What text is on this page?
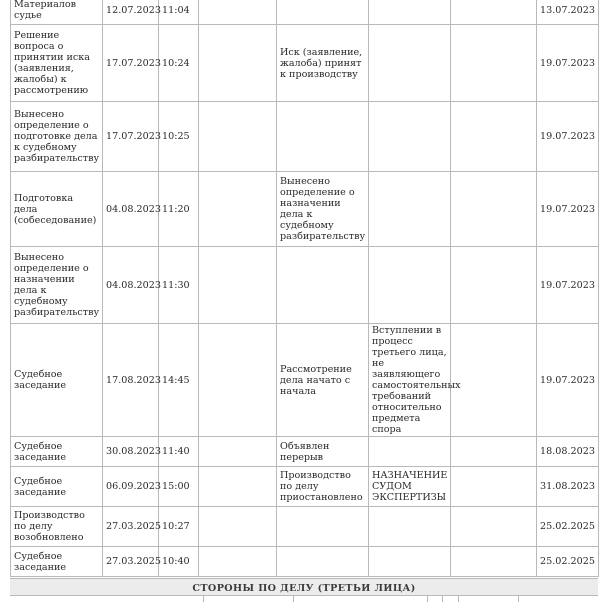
Материалов судье	12.07.2023	11:04					13.07.2023
Решение вопроса о принятии иска (заявления, жалобы) к рассмотрению	17.07.2023	10:24		Иск (заявление, жалоба) принят к производству			19.07.2023
Вынесено определение о подготовке дела к судебному разбирательству	17.07.2023	10:25					19.07.2023
Подготовка дела (собеседование)	04.08.2023	11:20		Вынесено определение о назначении дела к судебному разбирательству			19.07.2023
Вынесено определение о назначении дела к судебному разбирательству	04.08.2023	11:30					19.07.2023
Судебное заседание	17.08.2023	14:45		Рассмотрение дела начато с начала	Вступлении в процесс третьего лица, не заявляющего самостоятельных требований относительно предмета спора		19.07.2023
Судебное заседание	30.08.2023	11:40		Объявлен перерыв			18.08.2023
Судебное заседание	06.09.2023	15:00		Производство по делу приостановлено	НАЗНАЧЕНИЕ СУДОМ ЭКСПЕРТИЗЫ		31.08.2023
Производство по делу возобновлено	27.03.2025	10:27					25.02.2025
Судебное заседание	27.03.2025	10:40					25.02.2025
СТОРОНЫ ПО ДЕЛУ (ТРЕТЬИ ЛИЦА)
